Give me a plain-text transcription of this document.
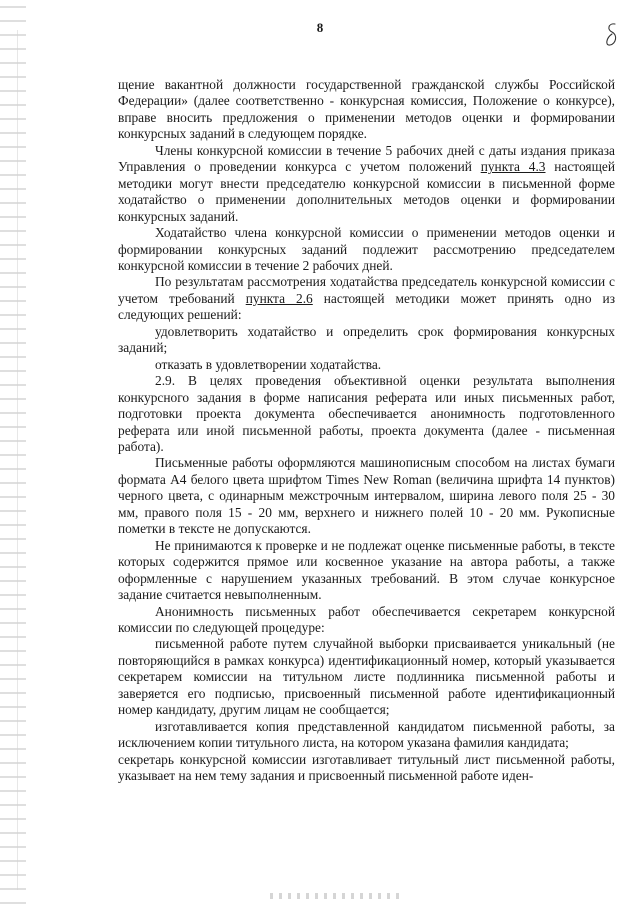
8

щение вакантной должности государственной гражданской службы Российской Федерации» (далее соответственно - конкурсная комиссия, Положение о конкурсе), вправе вносить предложения о применении методов оценки и формировании конкурсных заданий в следующем порядке.

Члены конкурсной комиссии в течение 5 рабочих дней с даты издания приказа Управления о проведении конкурса с учетом положений пункта 4.3 настоящей методики могут внести председателю конкурсной комиссии в письменной форме ходатайство о применении дополнительных методов оценки и формировании конкурсных заданий.

Ходатайство члена конкурсной комиссии о применении методов оценки и формировании конкурсных заданий подлежит рассмотрению председателем конкурсной комиссии в течение 2 рабочих дней.

По результатам рассмотрения ходатайства председатель конкурсной комиссии с учетом требований пункта 2.6 настоящей методики может принять одно из следующих решений:

удовлетворить ходатайство и определить срок формирования конкурсных заданий;

отказать в удовлетворении ходатайства.

2.9. В целях проведения объективной оценки результата выполнения конкурсного задания в форме написания реферата или иных письменных работ, подготовки проекта документа обеспечивается анонимность подготовленного реферата или иной письменной работы, проекта документа (далее - письменная работа).

Письменные работы оформляются машинописным способом на листах бумаги формата А4 белого цвета шрифтом Times New Roman (величина шрифта 14 пунктов) черного цвета, с одинарным межстрочным интервалом, ширина левого поля 25 - 30 мм, правого поля 15 - 20 мм, верхнего и нижнего полей 10 - 20 мм. Рукописные пометки в тексте не допускаются.

Не принимаются к проверке и не подлежат оценке письменные работы, в тексте которых содержится прямое или косвенное указание на автора работы, а также оформленные с нарушением указанных требований. В этом случае конкурсное задание считается невыполненным.

Анонимность письменных работ обеспечивается секретарем конкурсной комиссии по следующей процедуре:

письменной работе путем случайной выборки присваивается уникальный (не повторяющийся в рамках конкурса) идентификационный номер, который указывается секретарем комиссии на титульном листе подлинника письменной работы и заверяется его подписью, присвоенный письменной работе идентификационный номер кандидату, другим лицам не сообщается;

изготавливается копия представленной кандидатом письменной работы, за исключением копии титульного листа, на котором указана фамилия кандидата;

секретарь конкурсной комиссии изготавливает титульный лист письменной работы, указывает на нем тему задания и присвоенный письменной работе иден-
